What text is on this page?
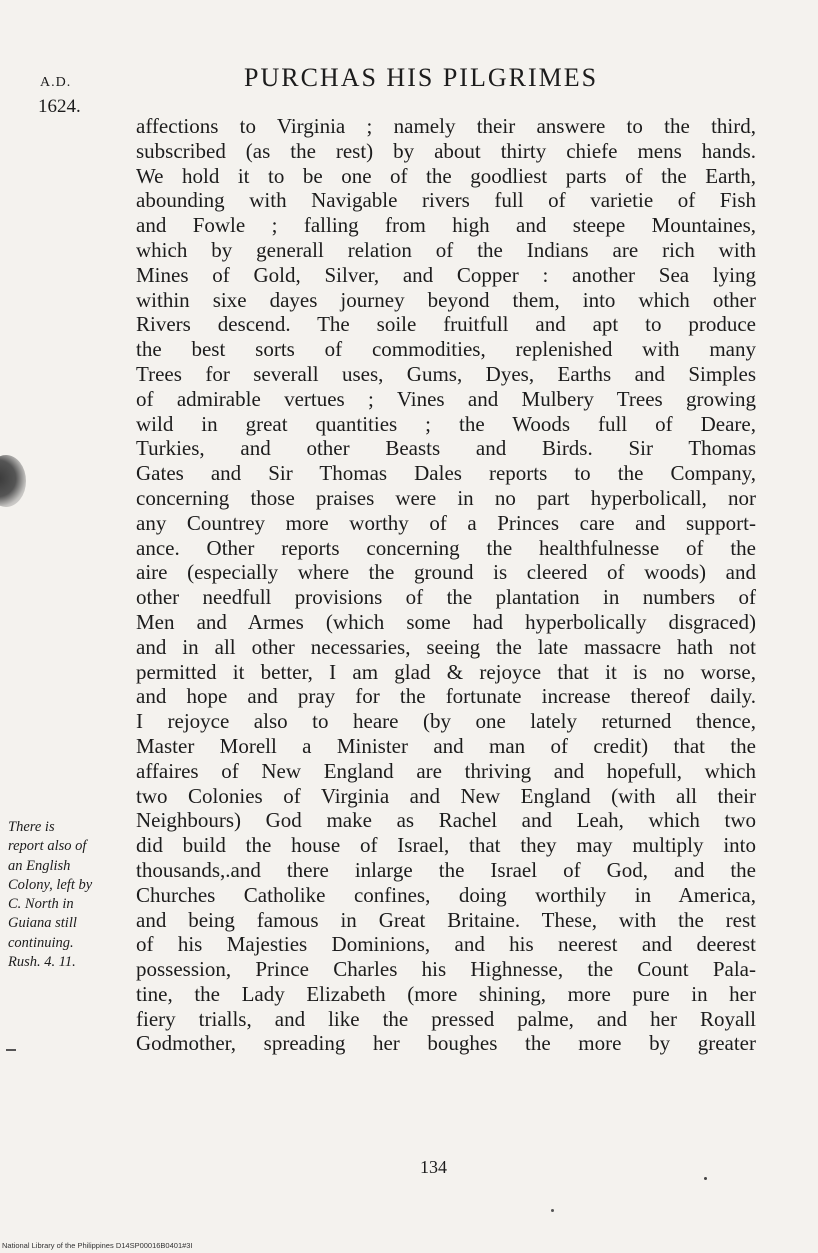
A.D.
1624.
PURCHAS HIS PILGRIMES
affections to Virginia ; namely their answere to the third,
subscribed (as the rest) by about thirty chiefe mens hands.
We hold it to be one of the goodliest parts of the Earth,
abounding with Navigable rivers full of varietie of Fish
and Fowle ; falling from high and steepe Mountaines,
which by generall relation of the Indians are rich with
Mines of Gold, Silver, and Copper : another Sea lying
within sixe dayes journey beyond them, into which other
Rivers descend. The soile fruitfull and apt to produce
the best sorts of commodities, replenished with many
Trees for severall uses, Gums, Dyes, Earths and Simples
of admirable vertues ; Vines and Mulbery Trees growing
wild in great quantities ; the Woods full of Deare,
Turkies, and other Beasts and Birds. Sir Thomas
Gates and Sir Thomas Dales reports to the Company,
concerning those praises were in no part hyperbolicall, nor
any Countrey more worthy of a Princes care and support-
ance. Other reports concerning the healthfulnesse of the
aire (especially where the ground is cleered of woods) and
other needfull provisions of the plantation in numbers of
Men and Armes (which some had hyperbolically disgraced)
and in all other necessaries, seeing the late massacre hath not
permitted it better, I am glad & rejoyce that it is no worse,
and hope and pray for the fortunate increase thereof daily.
I rejoyce also to heare (by one lately returned thence,
Master Morell a Minister and man of credit) that the
affaires of New England are thriving and hopefull, which
two Colonies of Virginia and New England (with all their
Neighbours) God make as Rachel and Leah, which two
did build the house of Israel, that they may multiply into
thousands,.and there inlarge the Israel of God, and the
Churches Catholike confines, doing worthily in America,
and being famous in Great Britaine. These, with the rest
of his Majesties Dominions, and his neerest and deerest
possession, Prince Charles his Highnesse, the Count Pala-
tine, the Lady Elizabeth (more shining, more pure in her
fiery trialls, and like the pressed palme, and her Royall
Godmother, spreading her boughes the more by greater
There is
report also of
an English
Colony, left by
C. North in
Guiana still
continuing.
Rush. 4. 11.
134
National Library of the Philippines D14SP00016B0401#3I
